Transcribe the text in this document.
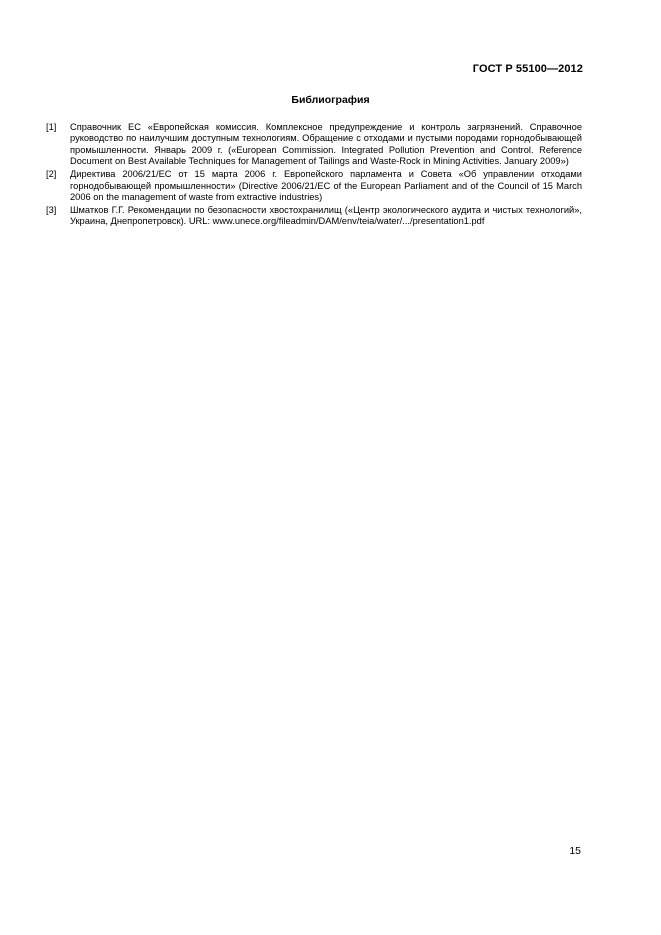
ГОСТ Р 55100—2012
Библиография
[1]	Справочник ЕС «Европейская комиссия. Комплексное предупреждение и контроль загрязнений. Справочное руководство по наилучшим доступным технологиям. Обращение с отходами и пустыми породами горнодобывающей промышленности. Январь 2009 г. («European Commission. Integrated Pollution Prevention and Control. Reference Document on Best Available Techniques for Management of Tailings and Waste-Rock in Mining Activities. January 2009»)
[2]	Директива 2006/21/ЕС от 15 марта 2006 г. Европейского парламента и Совета «Об управлении отходами горнодобывающей промышленности» (Directive 2006/21/EC of the European Parliament and of the Council of 15 March 2006 on the management of waste from extractive industries)
[3]	Шматков Г.Г. Рекомендации по безопасности хвостохранилищ («Центр экологического аудита и чистых технологий», Украина, Днепропетровск). URL: www.unece.org/fileadmin/DAM/env/teia/water/.../presentation1.pdf
15
